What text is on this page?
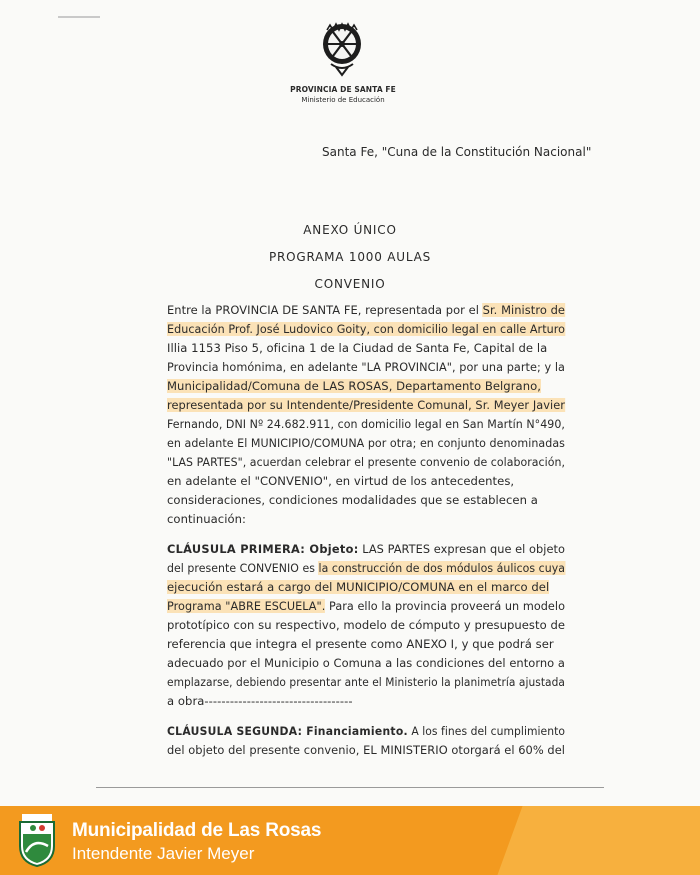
PROVINCIA DE SANTA FE
Ministerio de Educación
Santa Fe, "Cuna de la Constitución Nacional"
ANEXO ÚNICO
PROGRAMA 1000 AULAS
CONVENIO
Entre la PROVINCIA DE SANTA FE, representada por el Sr. Ministro de
Educación Prof. José Ludovico Goity, con domicilio legal en calle Arturo
Illia 1153 Piso 5, oficina 1 de la Ciudad de Santa Fe, Capital de la
Provincia homónima, en adelante "LA PROVINCIA", por una parte; y la
Municipalidad/Comuna de LAS ROSAS, Departamento Belgrano,
representada por su Intendente/Presidente Comunal, Sr. Meyer Javier
Fernando, DNI Nº 24.682.911, con domicilio legal en San Martín N°490,
en adelante El MUNICIPIO/COMUNA por otra; en conjunto denominadas
"LAS PARTES", acuerdan celebrar el presente convenio de colaboración,
en adelante el "CONVENIO", en virtud de los antecedentes,
consideraciones, condiciones modalidades que se establecen a
continuación:
CLÁUSULA PRIMERA: Objeto: LAS PARTES expresan que el objeto
del presente CONVENIO es la construcción de dos módulos áulicos cuya
ejecución estará a cargo del MUNICIPIO/COMUNA en el marco del
Programa "ABRE ESCUELA". Para ello la provincia proveerá un modelo
prototípico con su respectivo, modelo de cómputo y presupuesto de
referencia que integra el presente como ANEXO I, y que podrá ser
adecuado por el Municipio o Comuna a las condiciones del entorno a
emplazarse, debiendo presentar ante el Ministerio la planimetría ajustada
a obra-----------------------------------
CLÁUSULA SEGUNDA: Financiamiento. A los fines del cumplimiento
del objeto del presente convenio, EL MINISTERIO otorgará el 60% del
Municipalidad de Las Rosas
Intendente Javier Meyer
